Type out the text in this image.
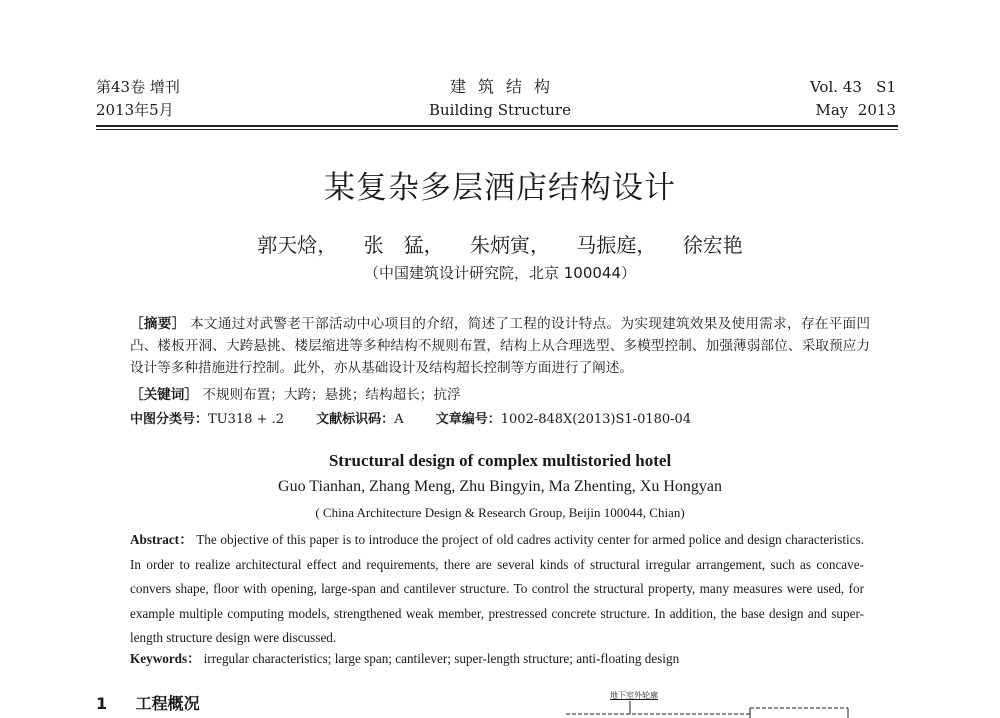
第43卷 增刊
2013年5月
建筑结构
Building Structure
Vol. 43   S1
May  2013
某复杂多层酒店结构设计
郭天焓， 张　猛， 朱炳寅， 马振庭， 徐宏艳
（中国建筑设计研究院，北京 100044）
［摘要］ 本文通过对武警老干部活动中心项目的介绍，简述了工程的设计特点。为实现建筑效果及使用需求，存在平面凹凸、楼板开洞、大跨悬挑、楼层缩进等多种结构不规则布置，结构上从合理选型、多模型控制、加强薄弱部位、采取预应力设计等多种措施进行控制。此外，亦从基础设计及结构超长控制等方面进行了阐述。
［关键词］ 不规则布置；大跨；悬挑；结构超长；抗浮
中图分类号：TU318 + .2 文献标识码：A 文章编号：1002-848X(2013)S1-0180-04
Structural design of complex multistoried hotel
Guo Tianhan, Zhang Meng, Zhu Bingyin, Ma Zhenting, Xu Hongyan
( China Architecture Design & Research Group, Beijin 100044, Chian)
Abstract： The objective of this paper is to introduce the project of old cadres activity center for armed police and design characteristics. In order to realize architectural effect and requirements, there are several kinds of structural irregular arrangement, such as concave-convers shape, floor with opening, large-span and cantilever structure. To control the structural property, many measures were used, for example multiple computing models, strengthened weak member, prestressed concrete structure. In addition, the base design and super-length structure design were discussed.
Keywords： irregular characteristics; large span; cantilever; super-length structure; anti-floating design
1 工程概况	地下室外轮廓
